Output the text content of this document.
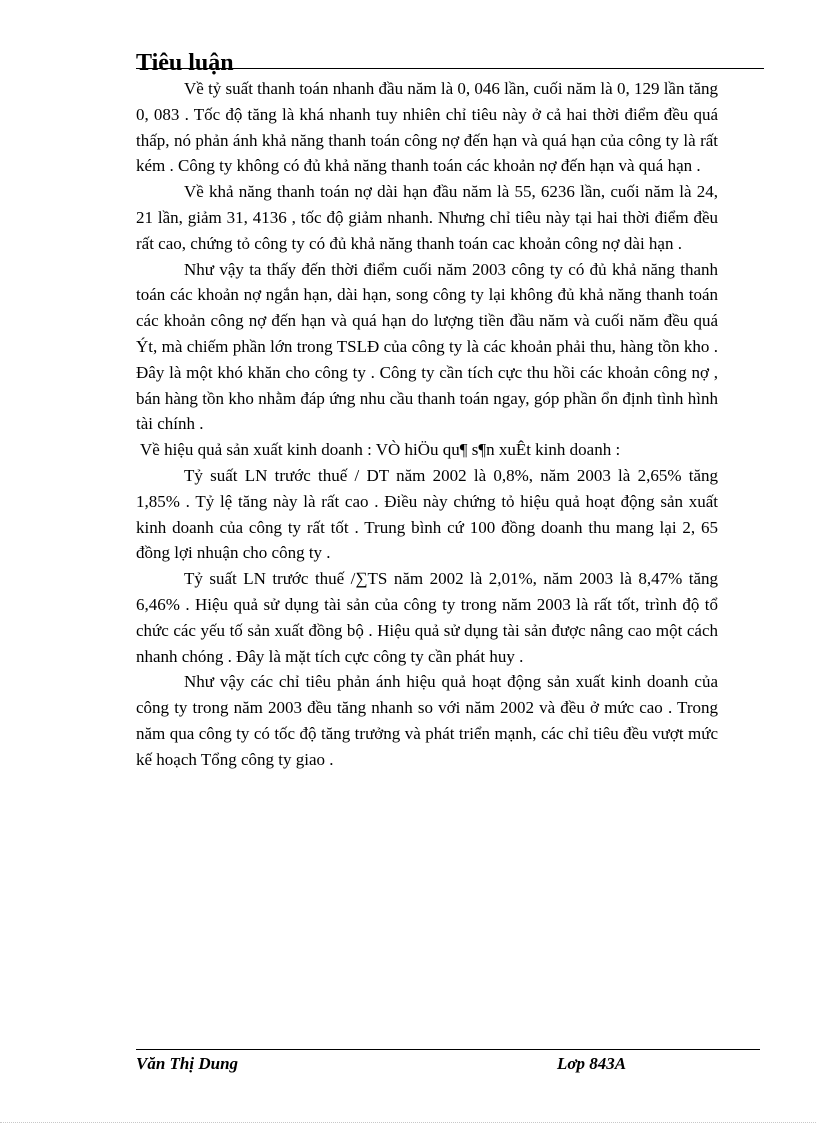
Tiêu luận

Về tỷ suất thanh toán nhanh đầu năm là 0, 046 lần, cuối năm là 0, 129 lần tăng 0, 083 . Tốc độ tăng là khá nhanh tuy nhiên chỉ tiêu này ở cả hai thời điểm đều quá thấp, nó phản ánh khả năng thanh toán công nợ đến hạn và quá hạn của công ty là rất kém . Công ty không có đủ khả năng thanh toán các khoản nợ đến hạn và quá hạn .

Về khả năng thanh toán nợ dài hạn đầu năm là 55, 6236 lần, cuối năm là 24, 21 lần, giảm 31, 4136 , tốc độ giảm nhanh. Nhưng chỉ tiêu này tại hai thời điểm đều rất cao, chứng tỏ công ty có đủ khả năng thanh toán cac khoản công nợ dài hạn .

Như vậy ta thấy đến thời điểm cuối năm 2003 công ty có đủ khả năng thanh toán các khoản nợ ngắn hạn, dài hạn, song công ty lại không đủ khả năng thanh toán các khoản công nợ đến hạn và quá hạn do lượng tiền đầu năm và cuối năm đều quá Ýt, mà chiếm phần lớn trong TSLĐ của công ty là các khoản phải thu, hàng tồn kho . Đây là một khó khăn cho công ty . Công ty cần tích cực thu hồi các khoản công nợ , bán hàng tồn kho nhằm đáp ứng nhu cầu thanh toán ngay, góp phần ổn định tình hình tài chính .

Về hiệu quả sản xuất kinh doanh : VÒ hiÖu qu¶ s¶n xuÊt kinh doanh :

Tỷ suất LN trước thuế / DT năm 2002 là 0,8%, năm 2003 là 2,65% tăng 1,85% . Tỷ lệ tăng này là rất cao . Điều này chứng tỏ hiệu quả hoạt động sản xuất kinh doanh của công ty rất tốt . Trung bình cứ 100 đồng doanh thu mang lại 2, 65 đồng lợi nhuận cho công ty .

Tỷ suất LN trước thuế /∑TS năm 2002 là 2,01%, năm 2003 là 8,47% tăng 6,46% . Hiệu quả sử dụng tài sản của công ty trong năm 2003 là rất tốt, trình độ tổ chức các yếu tố sản xuất đồng bộ . Hiệu quả sử dụng tài sản được nâng cao một cách nhanh chóng . Đây là mặt tích cực công ty cần phát huy .

Như vậy các chỉ tiêu phản ánh hiệu quả hoạt động sản xuất kinh doanh của công ty trong năm 2003 đều tăng nhanh so với năm 2002 và đều ở mức cao . Trong năm qua công ty có tốc độ tăng trưởng và phát triển mạnh, các chỉ tiêu đều vượt mức kế hoạch Tổng công ty giao .

Văn Thị Dung	Lơp 843A
